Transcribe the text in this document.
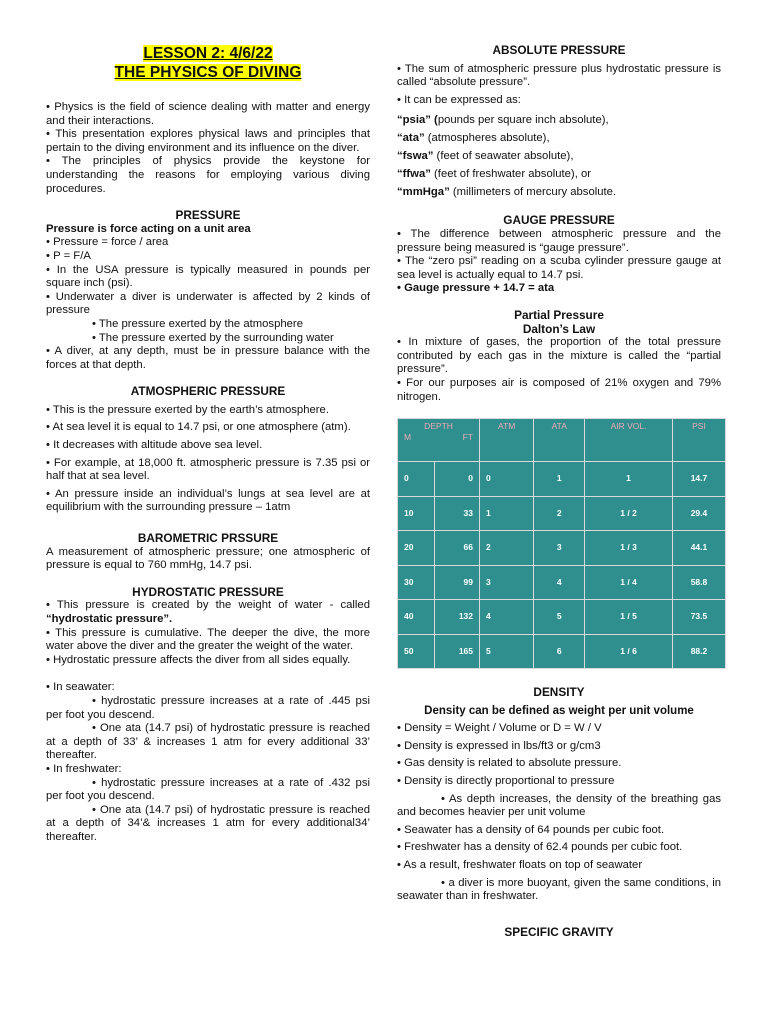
LESSON 2: 4/6/22
THE PHYSICS OF DIVING

• Physics is the field of science dealing with matter and energy and their interactions.

• This presentation explores physical laws and principles that pertain to the diving environment and its influence on the diver.

• The principles of physics provide the keystone for understanding the reasons for employing various diving procedures.

PRESSURE

Pressure is force acting on a unit area

• Pressure = force / area

• P = F/A

• In the USA pressure is typically measured in pounds per square inch (psi).

• Underwater a diver is underwater is affected by 2 kinds of pressure

• The pressure exerted by the atmosphere

• The pressure exerted by the surrounding water

• A diver, at any depth, must be in pressure balance with the forces at that depth.

ATMOSPHERIC PRESSURE

• This is the pressure exerted by the earth’s atmosphere.

• At sea level it is equal to 14.7 psi, or one atmosphere (atm).

• It decreases with altitude above sea level.

• For example, at 18,000 ft. atmospheric pressure is 7.35 psi or half that at sea level.

• An pressure inside an individual’s lungs at sea level are at equilibrium with the surrounding pressure – 1atm

BAROMETRIC PRSSURE

A measurement of atmospheric pressure; one atmospheric of pressure is equal to 760 mmHg, 14.7 psi.

HYDROSTATIC PRESSURE

• This pressure is created by the weight of water - called “hydrostatic pressure”.

• This pressure is cumulative. The deeper the dive, the more water above the diver and the greater the weight of the water.

• Hydrostatic pressure affects the diver from all sides equally.

• In seawater:

• hydrostatic pressure increases at a rate of .445 psi per foot you descend.

• One ata (14.7 psi) of hydrostatic pressure is reached at a depth of 33’ & increases 1 atm for every additional 33’ thereafter.

• In freshwater:

• hydrostatic pressure increases at a rate of .432 psi per foot you descend.

• One ata (14.7 psi) of hydrostatic pressure is reached at a depth of 34’& increases 1 atm for every additional34’ thereafter.

ABSOLUTE PRESSURE

• The sum of atmospheric pressure plus hydrostatic pressure is called “absolute pressure”.

• It can be expressed as:

“psia” (pounds per square inch absolute),

“ata” (atmospheres absolute),

“fswa” (feet of seawater absolute),

“ffwa” (feet of freshwater absolute), or

“mmHga” (millimeters of mercury absolute.

GAUGE PRESSURE

• The difference between atmospheric pressure and the pressure being measured is “gauge pressure”.

• The “zero psi” reading on a scuba cylinder pressure gauge at sea level is actually equal to 14.7 psi.

• Gauge pressure + 14.7 = ata

Partial Pressure

Dalton’s Law

• In mixture of gases, the proportion of the total pressure contributed by each gas in the mixture is called the “partial pressure”.

• For our purposes air is composed of 21% oxygen and 79% nitrogen.

DEPTH
M FT		ATM	ATA	AIR VOL.	PSI
0	0	0	1	1	14.7
10	33	1	2	1 / 2	29.4
20	66	2	3	1 / 3	44.1
30	99	3	4	1 / 4	58.8
40	132	4	5	1 / 5	73.5
50	165	5	6	1 / 6	88.2

DENSITY

Density can be defined as weight per unit volume

• Density = Weight / Volume or D = W / V

• Density is expressed in lbs/ft3 or g/cm3

• Gas density is related to absolute pressure.

• Density is directly proportional to pressure

• As depth increases, the density of the breathing gas and becomes heavier per unit volume

• Seawater has a density of 64 pounds per cubic foot.

• Freshwater has a density of 62.4 pounds per cubic foot.

• As a result, freshwater floats on top of seawater

• a diver is more buoyant, given the same conditions, in seawater than in freshwater.

SPECIFIC GRAVITY
